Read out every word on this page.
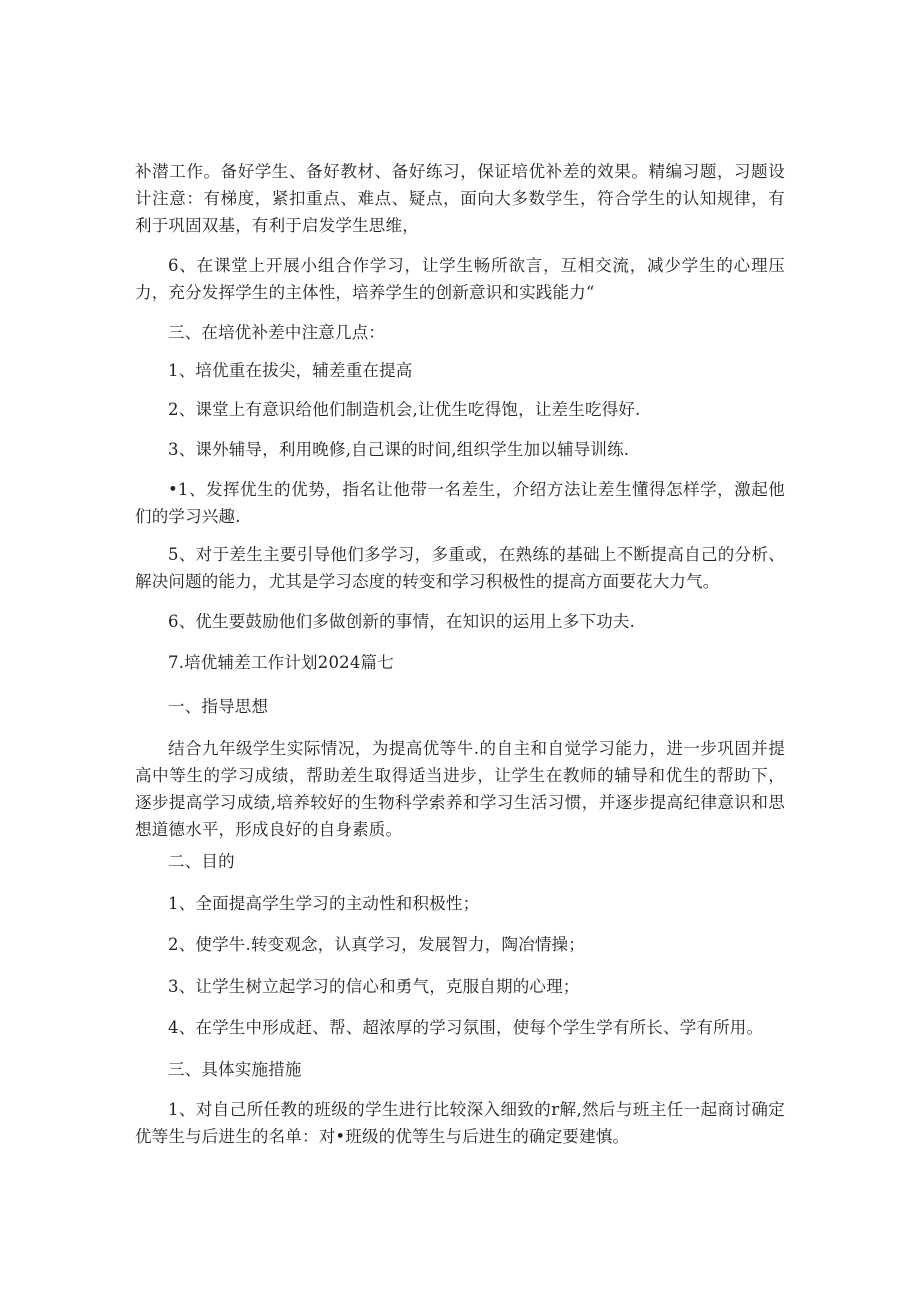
补潜工作。备好学生、备好教材、备好练习，保证培优补差的效果。精编习题，习题设计注意：有梯度，紧扣重点、难点、疑点，面向大多数学生，符合学生的认知规律，有利于巩固双基，有利于启发学生思维，

6、在课堂上开展小组合作学习，让学生畅所欲言，互相交流，减少学生的心理压力，充分发挥学生的主体性，培养学生的创新意识和实践能力“

三、在培优补差中注意几点：

1、培优重在拔尖，辅差重在提高

2、课堂上有意识给他们制造机会,让优生吃得饱，让差生吃得好.

3、课外辅导，利用晚修,自己课的时间,组织学生加以辅导训练.

•1、发挥优生的优势，指名让他带一名差生，介绍方法让差生懂得怎样学，激起他们的学习兴趣.

5、对于差生主要引导他们多学习，多重或，在熟练的基础上不断提高自己的分析、解决问题的能力，尤其是学习态度的转变和学习积极性的提高方面要花大力气。

6、优生要鼓励他们多做创新的事情，在知识的运用上多下功夫.

7.培优辅差工作计划2024篇七

一、指导思想

结合九年级学生实际情况，为提高优等牛.的自主和自觉学习能力，进一步巩固并提高中等生的学习成绩，帮助差生取得适当进步，让学生在教师的辅导和优生的帮助下，逐步提高学习成绩,培养较好的生物科学索养和学习生活习惯，并逐步提高纪律意识和思想道德水平，形成良好的自身素质。

二、目的

1、全面提高学生学习的主动性和积极性；

2、使学牛.转变观念，认真学习，发展智力，陶冶情操；

3、让学生树立起学习的信心和勇气，克服自期的心理；

4、在学生中形成赶、帮、超浓厚的学习氛围，使每个学生学有所长、学有所用。

三、具体实施措施

1、对自己所任教的班级的学生进行比较深入细致的r解,然后与班主任一起商讨确定优等生与后进生的名单：对•班级的优等生与后进生的确定要建慎。
